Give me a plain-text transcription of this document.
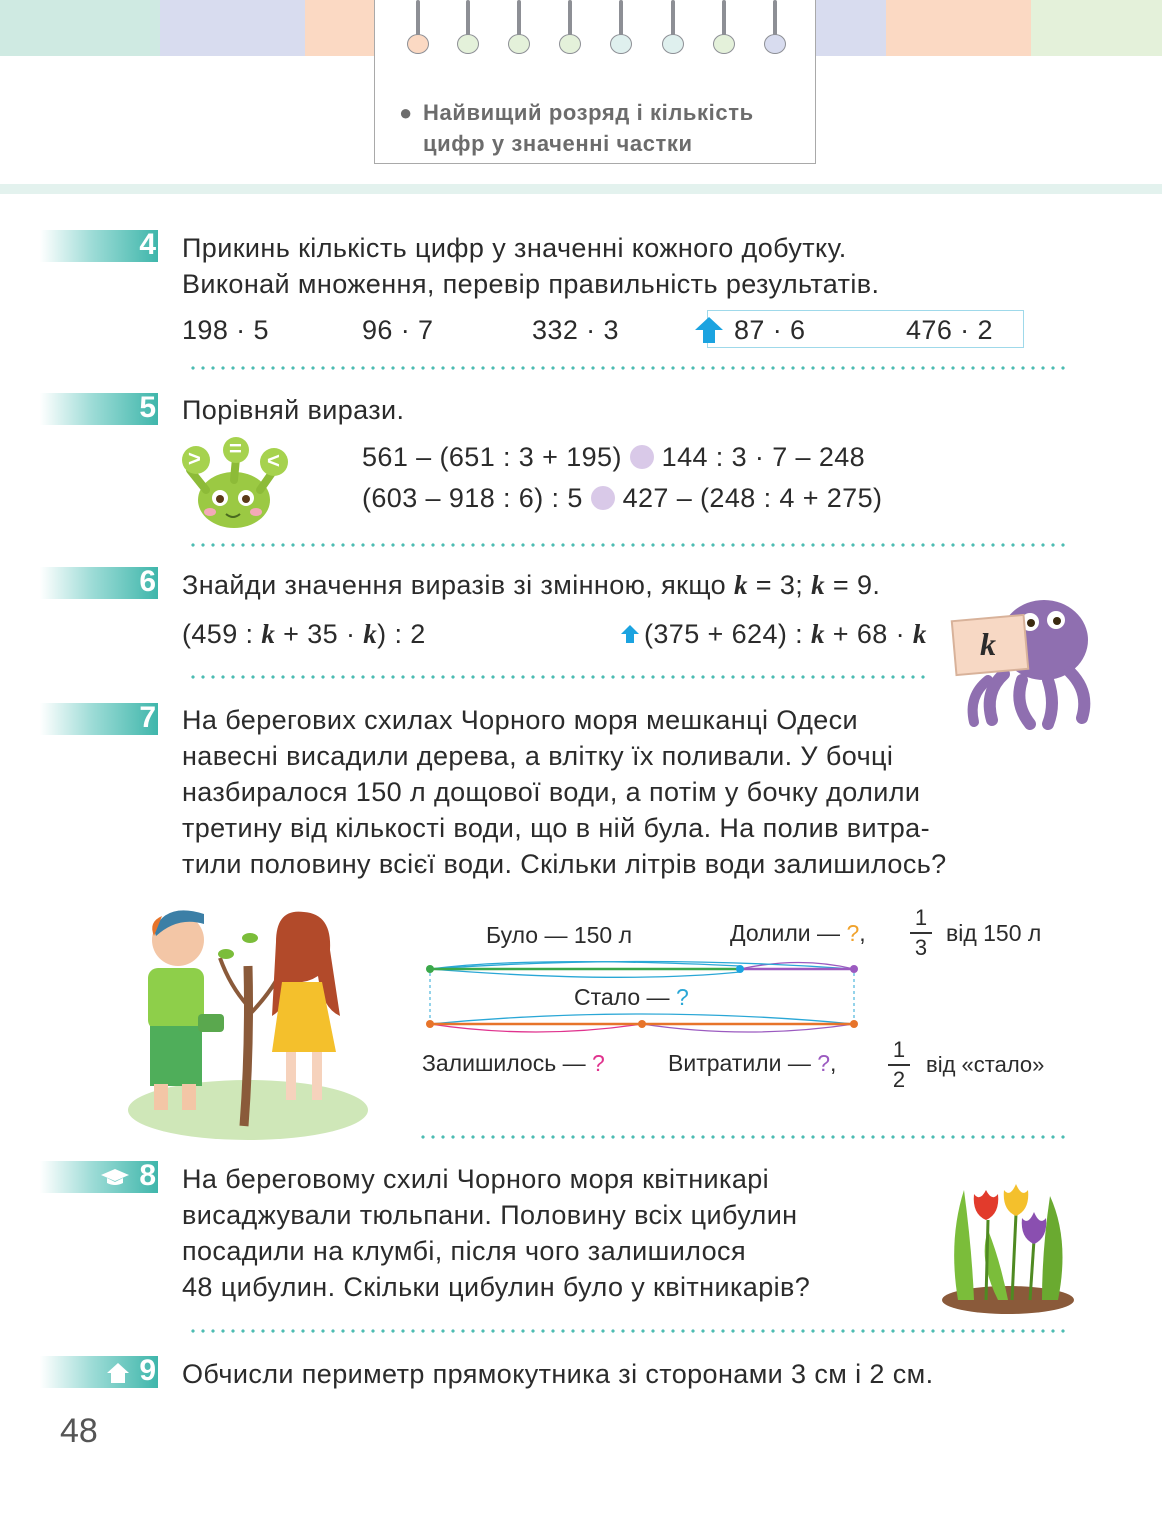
● Найвищий розряд і кількість
цифр у значенні частки
4 Прикинь кількість цифр у значенні кожного добутку.
Виконай множення, перевір правильність результатів.
198 · 5	96 · 7	332 · 3	87 · 6	476 · 2
5 Порівняй вирази.
> = <	561 – (651 : 3 + 195) 144 : 3 · 7 – 248
(603 – 918 : 6) : 5 427 – (248 : 4 + 275)
6 Знайди значення виразів зі змінною, якщо k = 3; k = 9.
(459 : k + 35 · k) : 2	(375 + 624) : k + 68 · k k
7 На берегових схилах Чорного моря мешканці Одеси
навесні висадили дерева, а влітку їх поливали. У бочці
назбиралося 150 л дощової води, а потім у бочку долили
третину від кількості води, що в ній була. На полив витра-
тили половину всієї води. Скільки літрів води залишилось?
Було — 150 л	Долили — ?,
1
3
від 150 л
Стало — ?
Залишилось — ?	Витратили — ?,
1
2
від «стало»
8 На береговому схилі Чорного моря квітникарі
висаджували тюльпани. Половину всіх цибулин
посадили на клумбі, після чого залишилося
48 цибулин. Скільки цибулин було у квітникарів?
9 Обчисли периметр прямокутника зі сторонами 3 см і 2 см.
48
